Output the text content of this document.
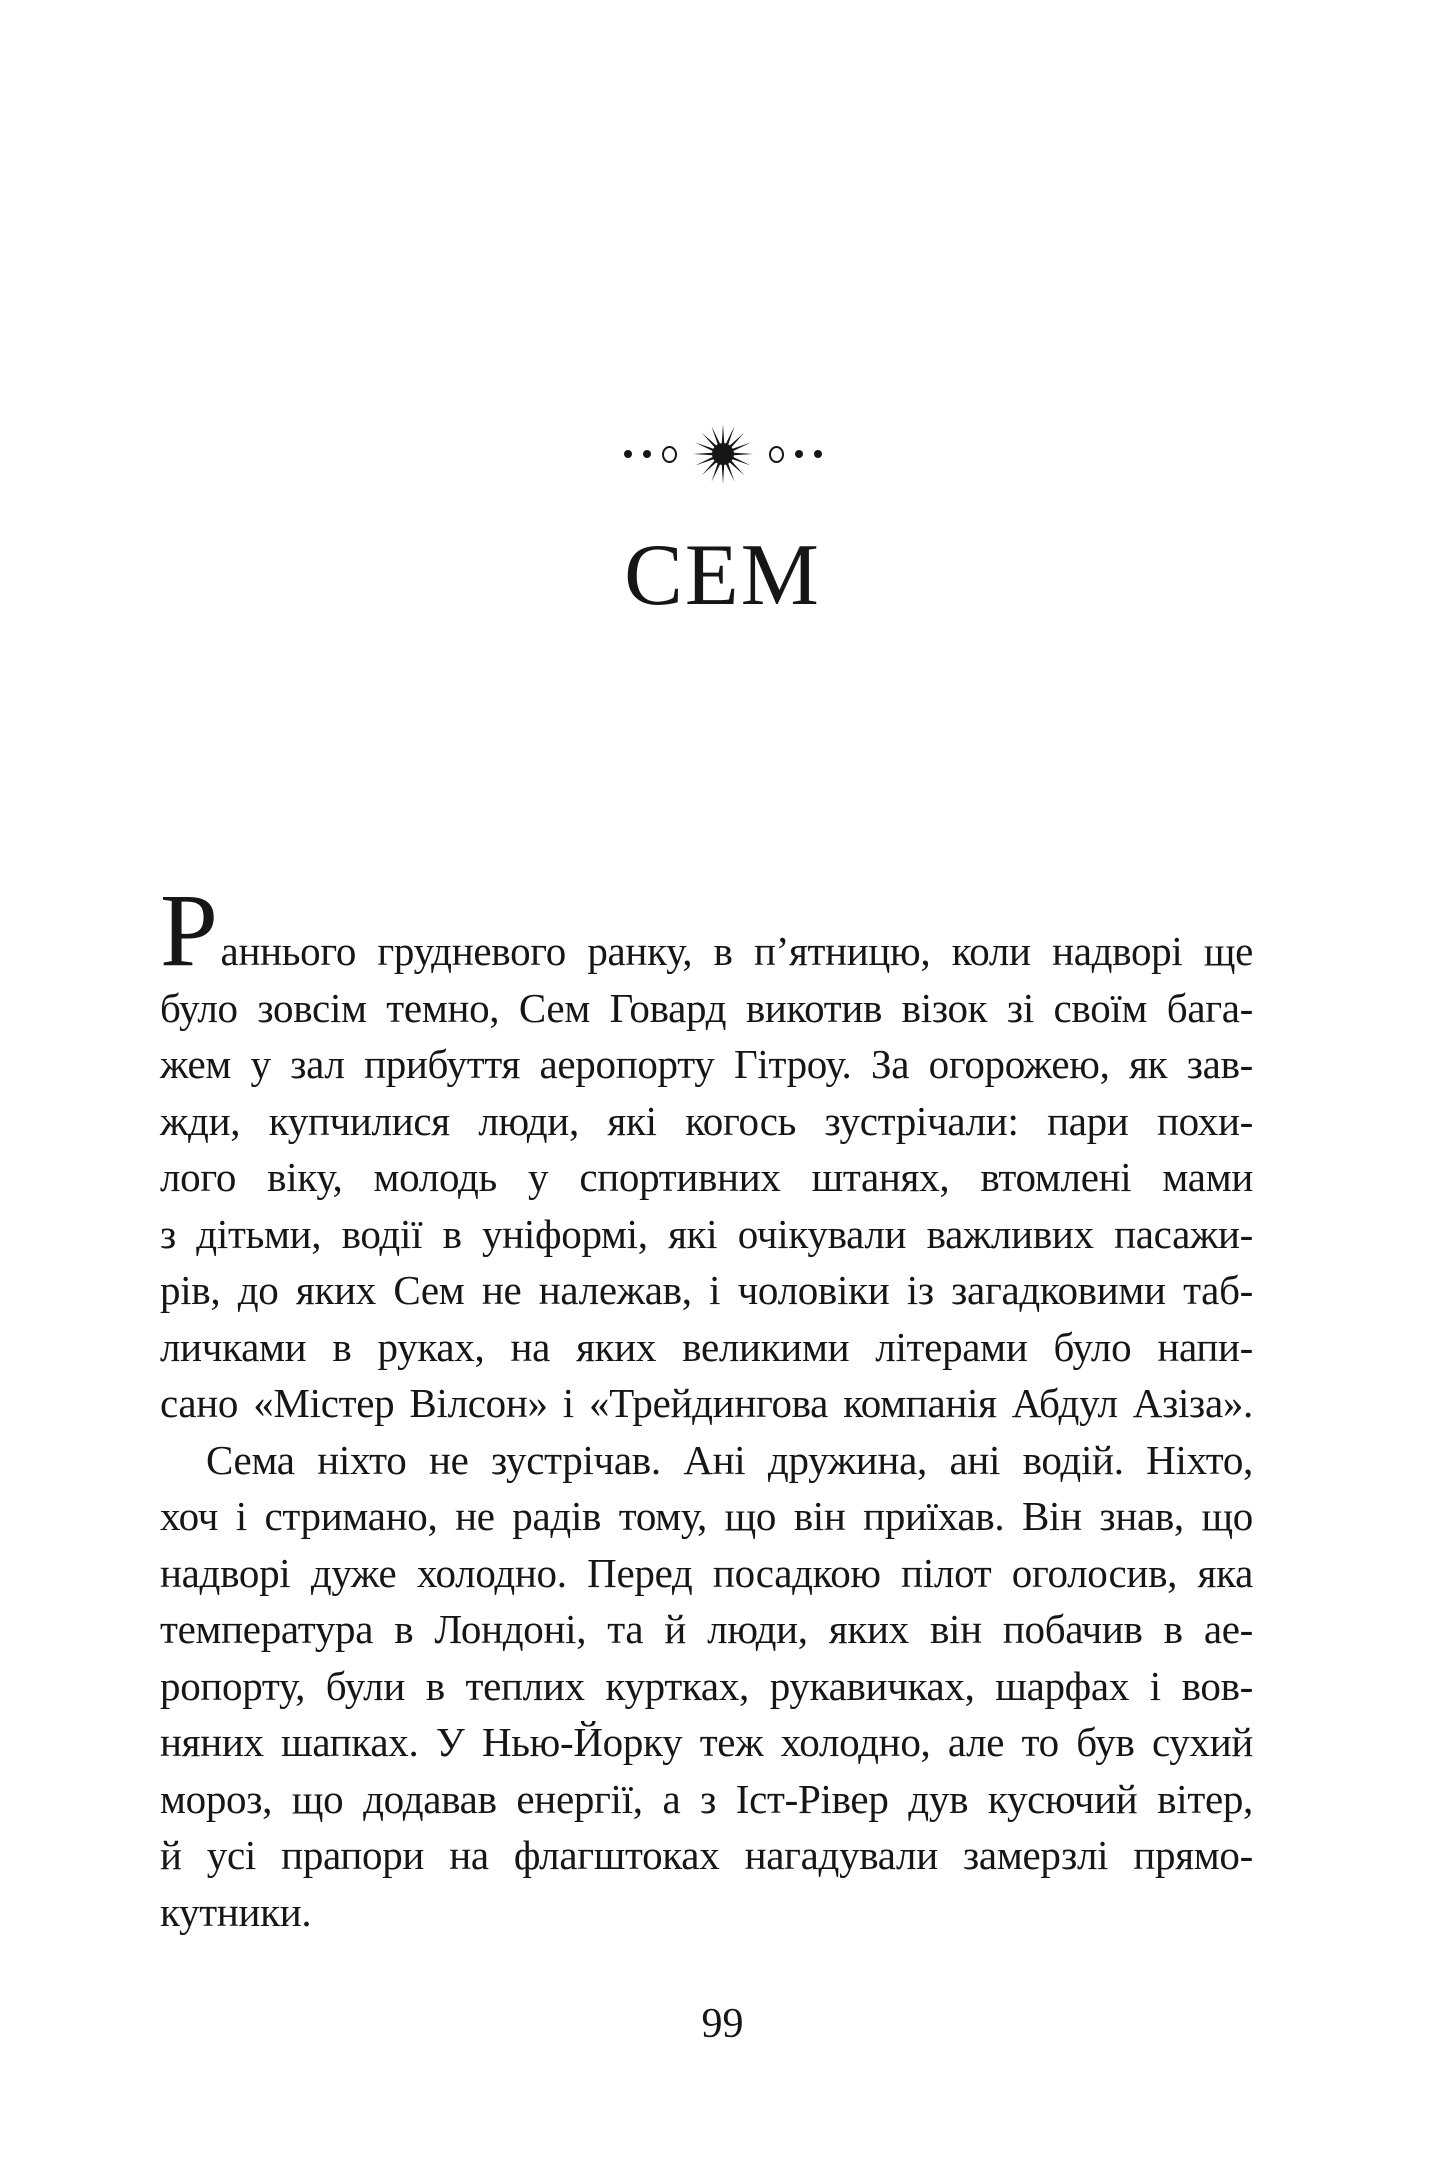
СЕМ
Раннього грудневого ранку, в п’ятницю, коли надворі ще
було зовсім темно, Сем Говард викотив візок зі своїм бага-
жем у зал прибуття аеропорту Гітроу. За огорожею, як зав-
жди, купчилися люди, які когось зустрічали: пари похи-
лого віку, молодь у спортивних штанях, втомлені мами
з дітьми, водії в уніформі, які очікували важливих пасажи-
рів, до яких Сем не належав, і чоловіки із загадковими таб-
личками в руках, на яких великими літерами було напи-
сано «Містер Вілсон» і «Трейдингова компанія Абдул Азіза».
Сема ніхто не зустрічав. Ані дружина, ані водій. Ніхто,
хоч і стримано, не радів тому, що він приїхав. Він знав, що
надворі дуже холодно. Перед посадкою пілот оголосив, яка
температура в Лондоні, та й люди, яких він побачив в ае-
ропорту, були в теплих куртках, рукавичках, шарфах і вов-
няних шапках. У Нью-Йорку теж холодно, але то був сухий
мороз, що додавав енергії, а з Іст-Рівер дув кусючий вітер,
й усі прапори на флагштоках нагадували замерзлі прямо-
кутники.
99
